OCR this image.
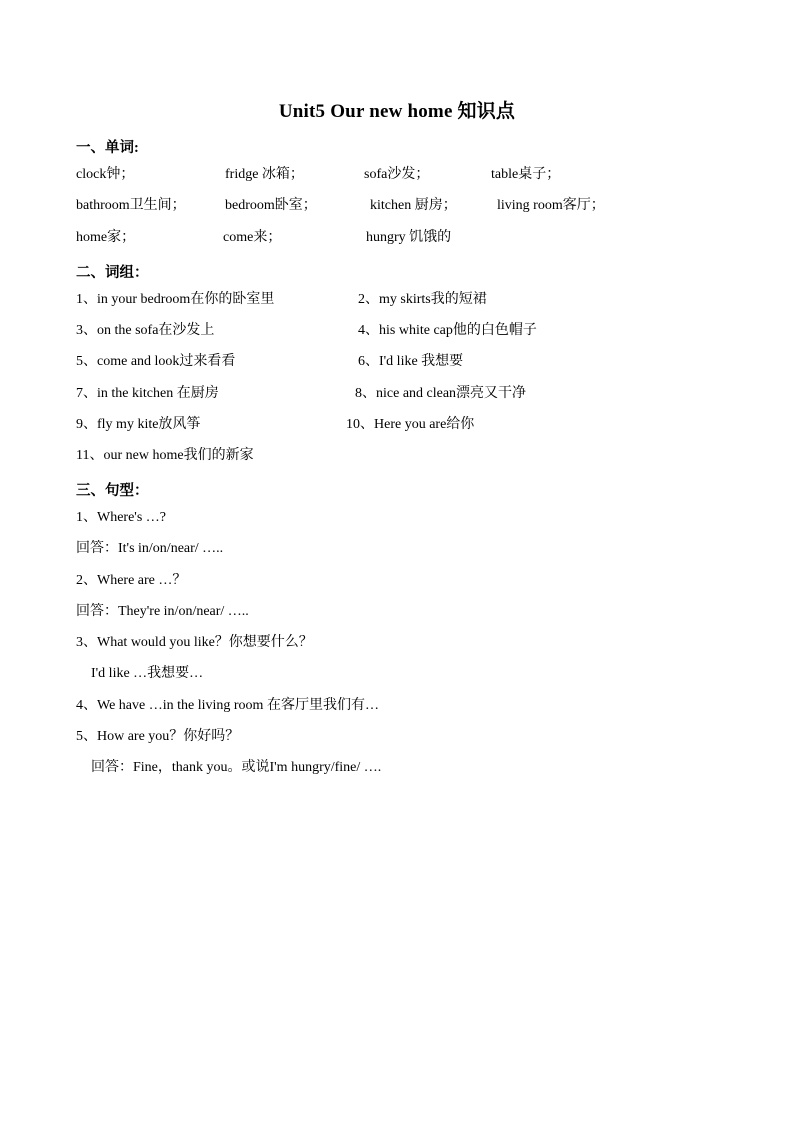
Unit5 Our new home 知识点
一、单词:
clock钟；	fridge 冰箱；	sofa沙发；	table桌子；
bathroom卫生间；	bedroom卧室；	kitchen 厨房；	living room客厅；
home家；	come来；	hungry 饥饿的
二、词组：
1、in your bedroom在你的卧室里	2、my skirts我的短裙
3、on the sofa在沙发上	4、his white cap他的白色帽子
5、come and look过来看看	6、I'd like 我想要
7、in the kitchen 在厨房	8、nice and clean漂亮又干净
9、fly my kite放风筝	10、Here you are给你
11、our new home我们的新家
三、句型：
1、Where's …?
回答：It's in/on/near/ …..
2、Where are …？
回答：They're in/on/near/ …..
3、What would you like？你想要什么？
I'd like …我想要…
4、We have …in the living room 在客厅里我们有…
5、How are you？你好吗？
回答：Fine，thank you。或说I'm hungry/fine/ ….
